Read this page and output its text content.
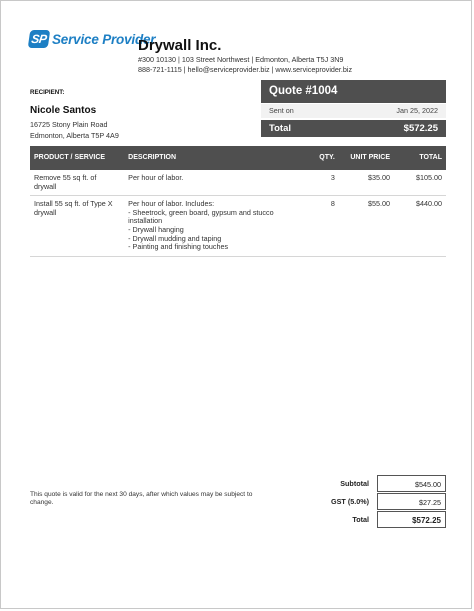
SP Service Provider
Drywall Inc.
#300 10130 | 103 Street Northwest | Edmonton, Alberta T5J 3N9
888-721-1115 | hello@serviceprovider.biz | www.serviceprovider.biz
RECIPIENT:
Nicole Santos
16725 Stony Plain Road
Edmonton, Alberta T5P 4A9
Quote #1004
Sent on	Jan 25, 2022
Total	$572.25
PRODUCT / SERVICE	DESCRIPTION	QTY.	UNIT PRICE	TOTAL
Remove 55 sq ft. of drywall	Per hour of labor.	3	$35.00	$105.00
Install 55 sq ft. of Type X drywall	Per hour of labor. Includes:
- Sheetrock, green board, gypsum and stucco installation
- Drywall hanging
- Drywall mudding and taping
- Painting and finishing touches	8	$55.00	$440.00
This quote is valid for the next 30 days, after which values may be subject to change.
Subtotal	$545.00
GST (5.0%)	$27.25
Total	$572.25
